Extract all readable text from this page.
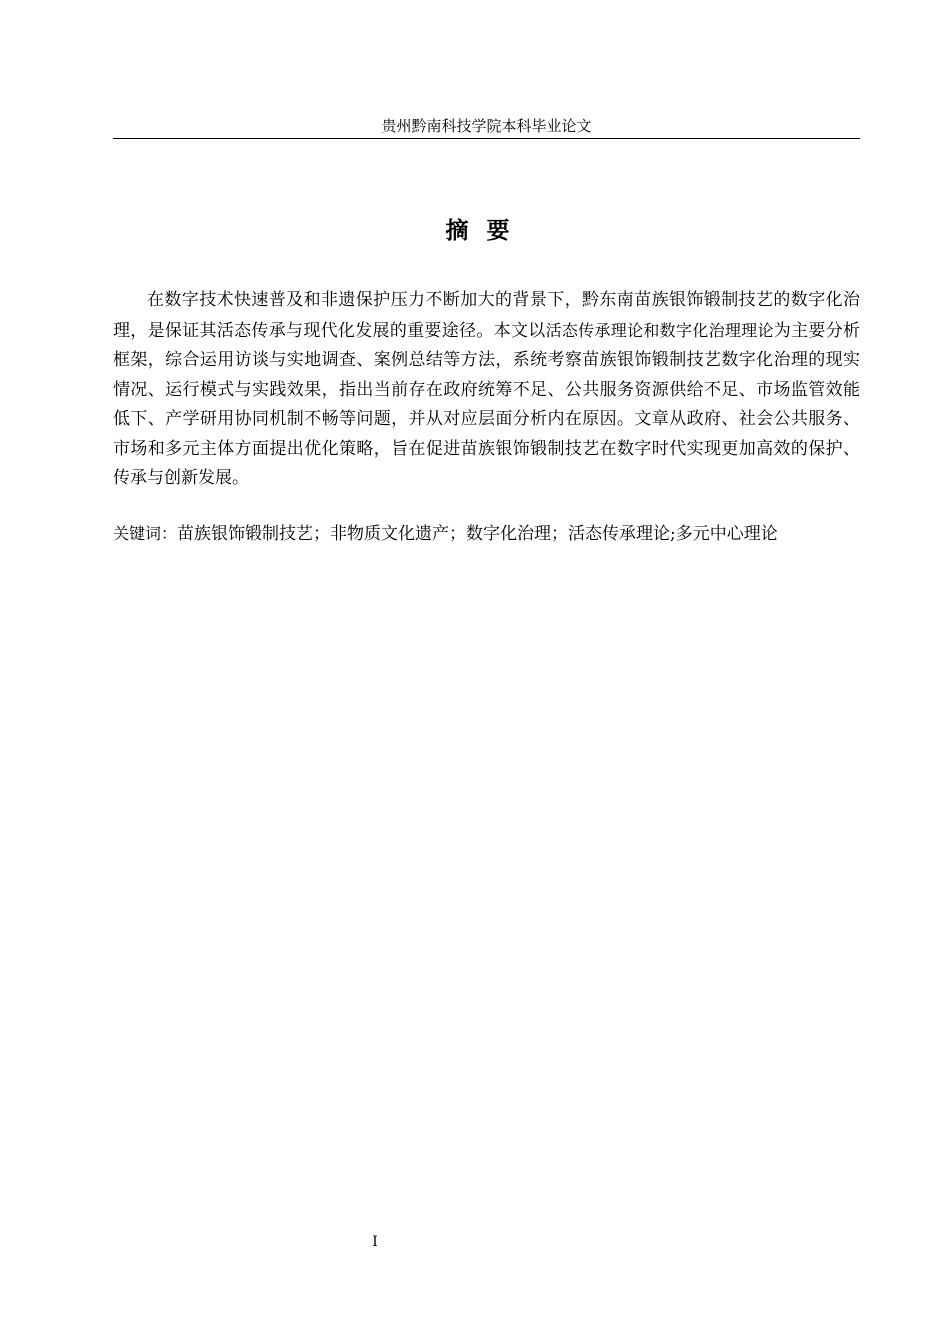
贵州黔南科技学院本科毕业论文
摘要

在数字技术快速普及和非遗保护压力不断加大的背景下，黔东南苗族银饰锻制技艺的数字化治理，是保证其活态传承与现代化发展的重要途径。本文以活态传承理论和数字化治理理论为主要分析框架，综合运用访谈与实地调查、案例总结等方法，系统考察苗族银饰锻制技艺数字化治理的现实情况、运行模式与实践效果，指出当前存在政府统筹不足、公共服务资源供给不足、市场监管效能低下、产学研用协同机制不畅等问题，并从对应层面分析内在原因。文章从政府、社会公共服务、市场和多元主体方面提出优化策略，旨在促进苗族银饰锻制技艺在数字时代实现更加高效的保护、传承与创新发展。

关键词：苗族银饰锻制技艺；非物质文化遗产；数字化治理；活态传承理论;多元中心理论

I
